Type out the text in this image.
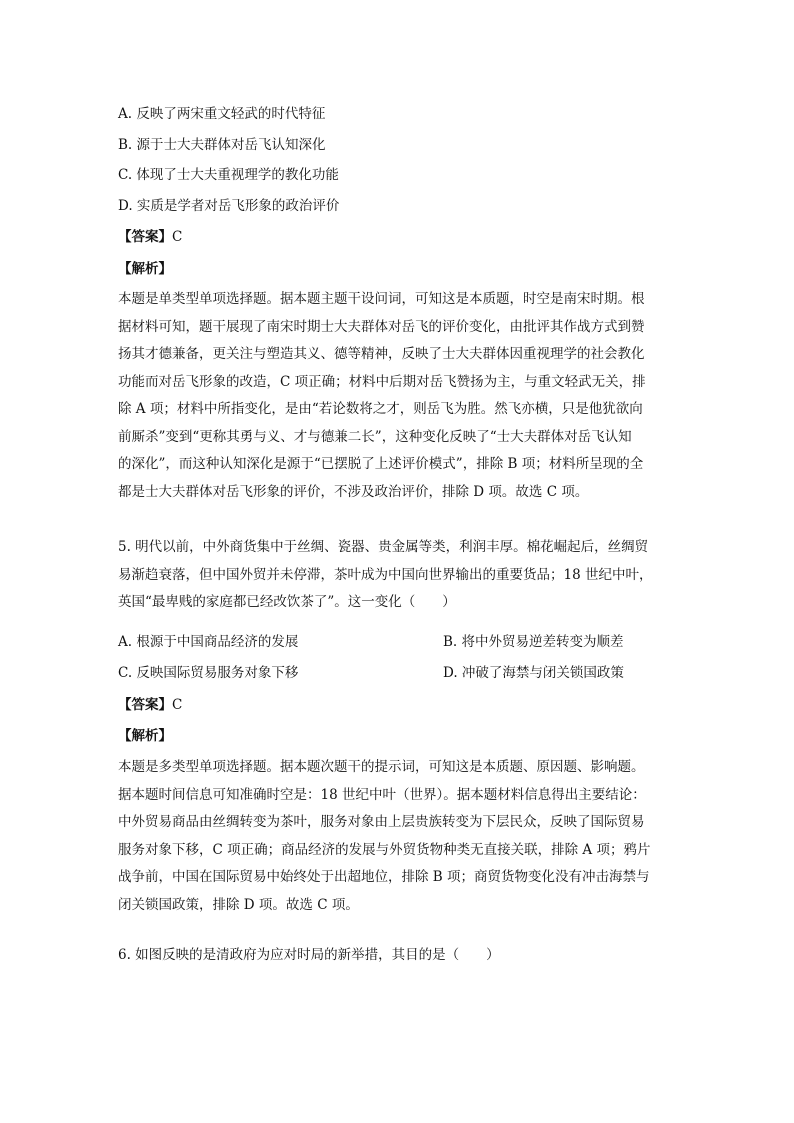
A. 反映了两宋重文轻武的时代特征
B. 源于士大夫群体对岳飞认知深化
C. 体现了士大夫重视理学的教化功能
D. 实质是学者对岳飞形象的政治评价
【答案】C
【解析】
本题是单类型单项选择题。据本题主题干设问词，可知这是本质题，时空是南宋时期。根
据材料可知，题干展现了南宋时期士大夫群体对岳飞的评价变化，由批评其作战方式到赞
扬其才德兼备，更关注与塑造其义、德等精神，反映了士大夫群体因重视理学的社会教化
功能而对岳飞形象的改造，C 项正确；材料中后期对岳飞赞扬为主，与重文轻武无关，排
除 A 项；材料中所指变化，是由“若论数将之才，则岳飞为胜。然飞亦横，只是他犹欲向
前厮杀”变到“更称其勇与义、才与德兼二长”，这种变化反映了“士大夫群体对岳飞认知
的深化”，而这种认知深化是源于“已摆脱了上述评价模式”，排除 B 项；材料所呈现的全
都是士大夫群体对岳飞形象的评价，不涉及政治评价，排除 D 项。故选 C 项。
5. 明代以前，中外商货集中于丝绸、瓷器、贵金属等类，利润丰厚。棉花崛起后，丝绸贸
易渐趋衰落，但中国外贸并未停滞，茶叶成为中国向世界输出的重要货品；18 世纪中叶，
英国“最卑贱的家庭都已经改饮茶了”。这一变化（　　）
A. 根源于中国商品经济的发展	B. 将中外贸易逆差转变为顺差
C. 反映国际贸易服务对象下移	D. 冲破了海禁与闭关锁国政策
【答案】C
【解析】
本题是多类型单项选择题。据本题次题干的提示词，可知这是本质题、原因题、影响题。
据本题时间信息可知准确时空是：18 世纪中叶（世界）。据本题材料信息得出主要结论：
中外贸易商品由丝绸转变为茶叶，服务对象由上层贵族转变为下层民众，反映了国际贸易
服务对象下移，C 项正确；商品经济的发展与外贸货物种类无直接关联，排除 A 项；鸦片
战争前，中国在国际贸易中始终处于出超地位，排除 B 项；商贸货物变化没有冲击海禁与
闭关锁国政策，排除 D 项。故选 C 项。
6. 如图反映的是清政府为应对时局的新举措，其目的是（　　）
